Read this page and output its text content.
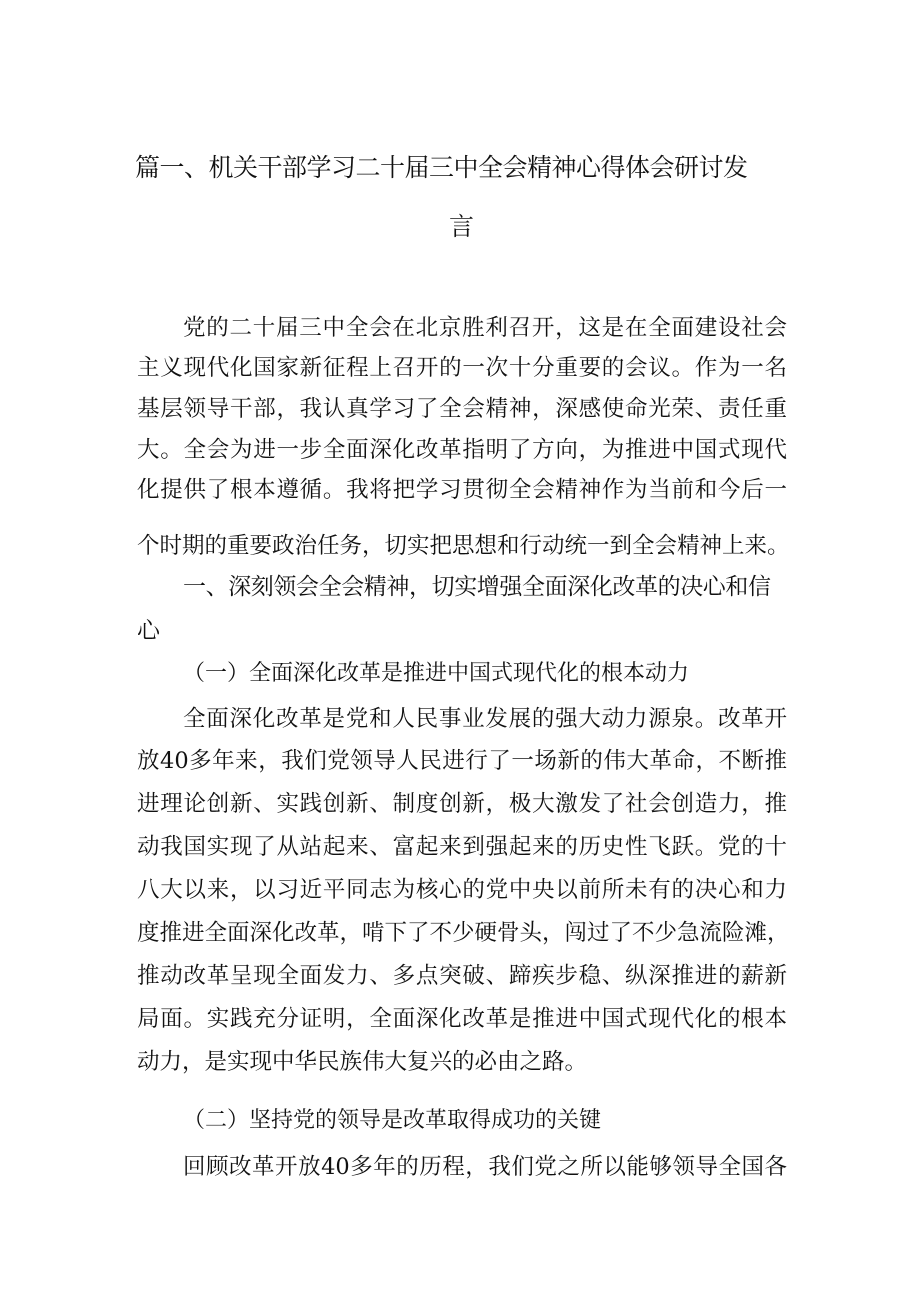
篇一、机关干部学习二十届三中全会精神心得体会研讨发
言
党的二十届三中全会在北京胜利召开，这是在全面建设社会
主义现代化国家新征程上召开的一次十分重要的会议。作为一名
基层领导干部，我认真学习了全会精神，深感使命光荣、责任重
大。全会为进一步全面深化改革指明了方向，为推进中国式现代
化提供了根本遵循。我将把学习贯彻全会精神作为当前和今后一
个时期的重要政治任务，切实把思想和行动统一到全会精神上来。
一、深刻领会全会精神，切实增强全面深化改革的决心和信
心
（一）全面深化改革是推进中国式现代化的根本动力
全面深化改革是党和人民事业发展的强大动力源泉。改革开
放40多年来，我们党领导人民进行了一场新的伟大革命，不断推
进理论创新、实践创新、制度创新，极大激发了社会创造力，推
动我国实现了从站起来、富起来到强起来的历史性飞跃。党的十
八大以来，以习近平同志为核心的党中央以前所未有的决心和力
度推进全面深化改革，啃下了不少硬骨头，闯过了不少急流险滩，
推动改革呈现全面发力、多点突破、蹄疾步稳、纵深推进的薪新
局面。实践充分证明，全面深化改革是推进中国式现代化的根本
动力，是实现中华民族伟大复兴的必由之路。
（二）坚持党的领导是改革取得成功的关键
回顾改革开放40多年的历程，我们党之所以能够领导全国各
